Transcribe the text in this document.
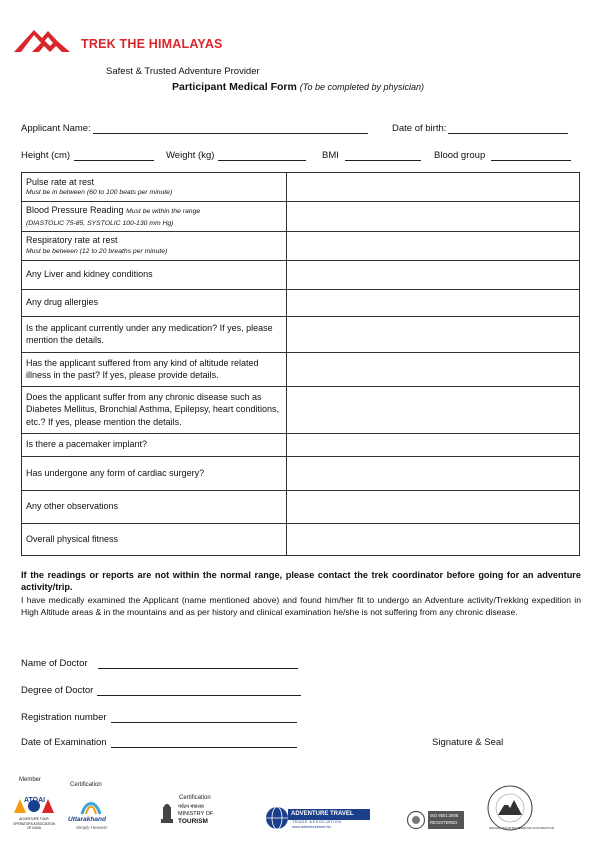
TREK THE HIMALAYAS
Safest & Trusted Adventure Provider
Participant Medical Form (To be completed by physician)
Applicant Name:	Date of birth:
Height (cm)	Weight (kg)	BMI	Blood group
Pulse rate at rest
Must be in between (60 to 100 beats per minute)	

Blood Pressure Reading Must be within the range
(DIASTOLIC 75-85, SYSTOLIC 100-130 mm Hg)	

Respiratory rate at rest
Must be between (12 to 20 breaths per minute)	

Any Liver and kidney conditions	
Any drug allergies	
Is the applicant currently under any medication? If yes, please mention the details.	
Has the applicant suffered from any kind of altitude related illness in the past? If yes, please provide details.	
Does the applicant suffer from any chronic disease such as Diabetes Mellitus, Bronchial Asthma, Epilepsy, heart conditions, etc.? If yes, please mention the details.	
Is there a pacemaker implant?	
Has undergone any form of cardiac surgery?	
Any other observations	
Overall physical fitness	
If the readings or reports are not within the normal range, please contact the trek coordinator before going for an adventure activity/trip.
I have medically examined the Applicant (name mentioned above) and found him/her fit to undergo an Adventure activity/Trekking expedition in High Altitude areas & in the mountains and as per history and clinical examination he/she is not suffering from any chronic disease.
Name of Doctor
Degree of Doctor
Registration number
Date of Examination	Signature & Seal
Member
Certification
Certification
ATOAI
ADVENTURE TOUR OPERATORS ASSOCIATION OF INDIA
Uttarakhand
Simply Heaven!
पर्यटन मंत्रालय
MINISTRY OF
TOURISM
ADVENTURE TRAVEL
TRADE ASSOCIATION
www.adventuretravel.biz
ISO 9001:2008
REGISTERED
INDIAN MOUNTAINEERING FOUNDATION
